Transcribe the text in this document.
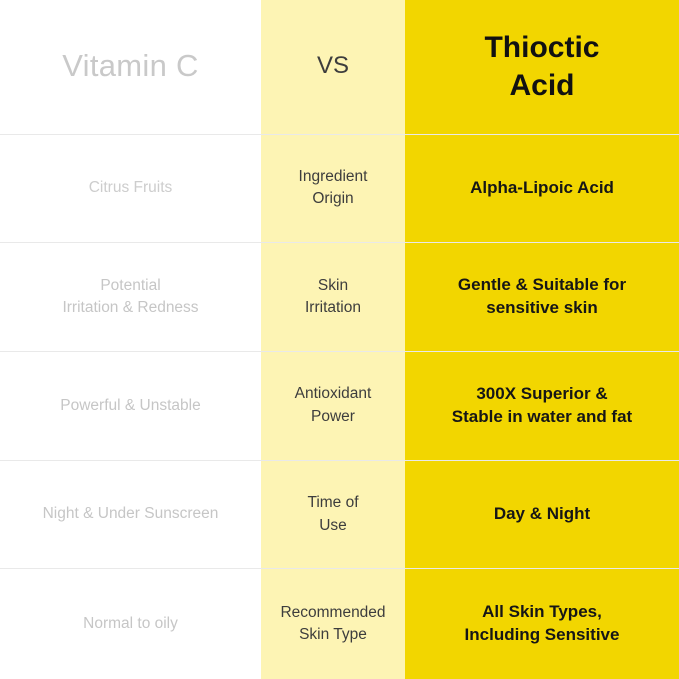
Vitamin C	VS
Thioctic
Acid
Citrus Fruits
Ingredient
Origin
Alpha-Lipoic Acid
Potential
Irritation & Redness
Skin
Irritation
Gentle & Suitable for
sensitive skin
Powerful & Unstable
Antioxidant
Power
300X Superior &
Stable in water and fat
Night & Under Sunscreen
Time of
Use
Day & Night
Normal to oily
Recommended
Skin Type
All Skin Types,
Including Sensitive
